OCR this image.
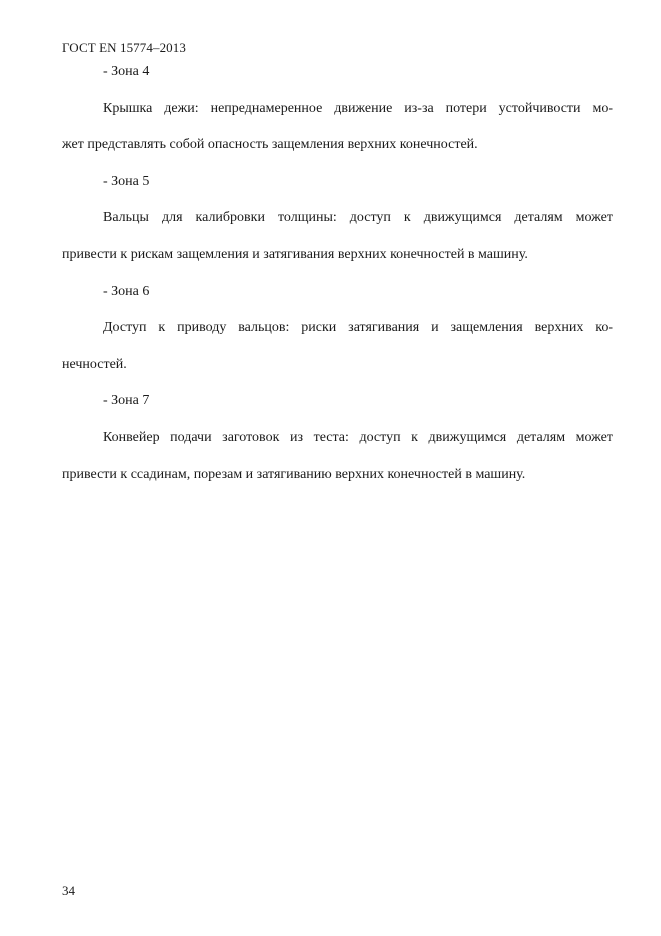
ГОСТ EN 15774–2013
- Зона 4
Крышка дежи: непреднамеренное движение из-за потери устойчивости мо-
жет представлять собой опасность защемления верхних конечностей.
- Зона 5
Вальцы для калибровки толщины: доступ к движущимся деталям может
привести к рискам защемления и затягивания верхних конечностей в машину.
- Зона 6
Доступ к приводу вальцов: риски затягивания и защемления верхних ко-
нечностей.
- Зона 7
Конвейер подачи заготовок из теста: доступ к движущимся деталям может
привести к ссадинам, порезам и затягиванию верхних конечностей в машину.
34
